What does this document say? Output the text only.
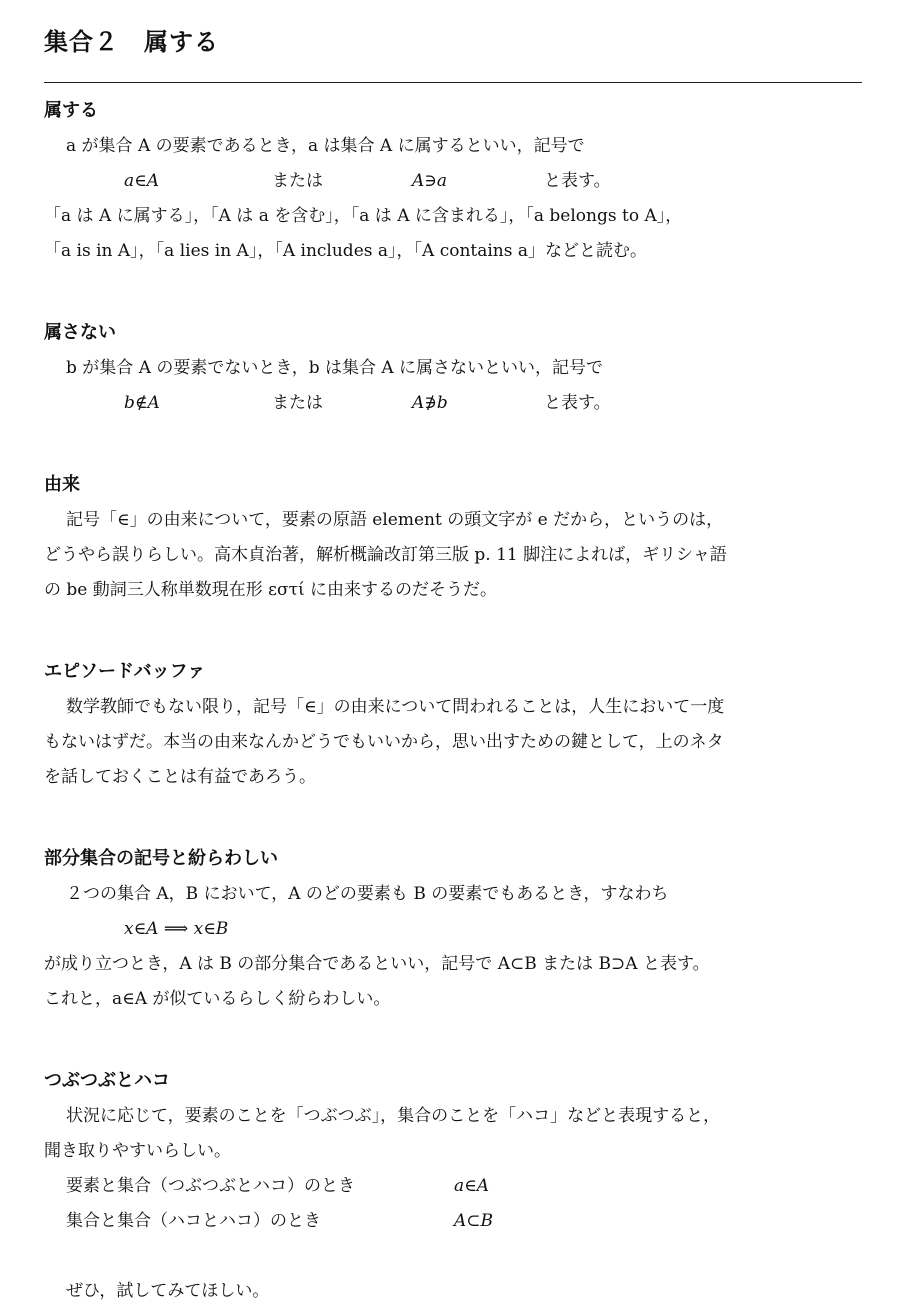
集合２　属する

属する

a が集合 A の要素であるとき，a は集合 A に属するといい，記号で

a∈A	または	A∋a	と表す。

「a は A に属する」，「A は a を含む」，「a は A に含まれる」，「a belongs to A」，

「a is in A」，「a lies in A」，「A includes a」，「A contains a」などと読む。

属さない

b が集合 A の要素でないとき，b は集合 A に属さないといい，記号で

b∉A	または	A∌b	と表す。

由来

記号「∈」の由来について，要素の原語 element の頭文字が e だから，というのは，

どうやら誤りらしい。高木貞治著，解析概論改訂第三版 p. 11 脚注によれば，ギリシャ語

の be 動詞三人称単数現在形 εστί に由来するのだそうだ。

エピソードバッファ

数学教師でもない限り，記号「∈」の由来について問われることは，人生において一度

もないはずだ。本当の由来なんかどうでもいいから，思い出すための鍵として，上のネタ

を話しておくことは有益であろう。

部分集合の記号と紛らわしい

２つの集合 A，B において，A のどの要素も B の要素でもあるとき，すなわち

x∈A ⟹ x∈B

が成り立つとき，A は B の部分集合であるといい，記号で A⊂B または B⊃A と表す。

これと，a∈A が似ているらしく紛らわしい。

つぶつぶとハコ

状況に応じて，要素のことを「つぶつぶ」，集合のことを「ハコ」などと表現すると，

聞き取りやすいらしい。

要素と集合（つぶつぶとハコ）のとき	a∈A

集合と集合（ハコとハコ）のとき	A⊂B

ぜひ，試してみてほしい。
